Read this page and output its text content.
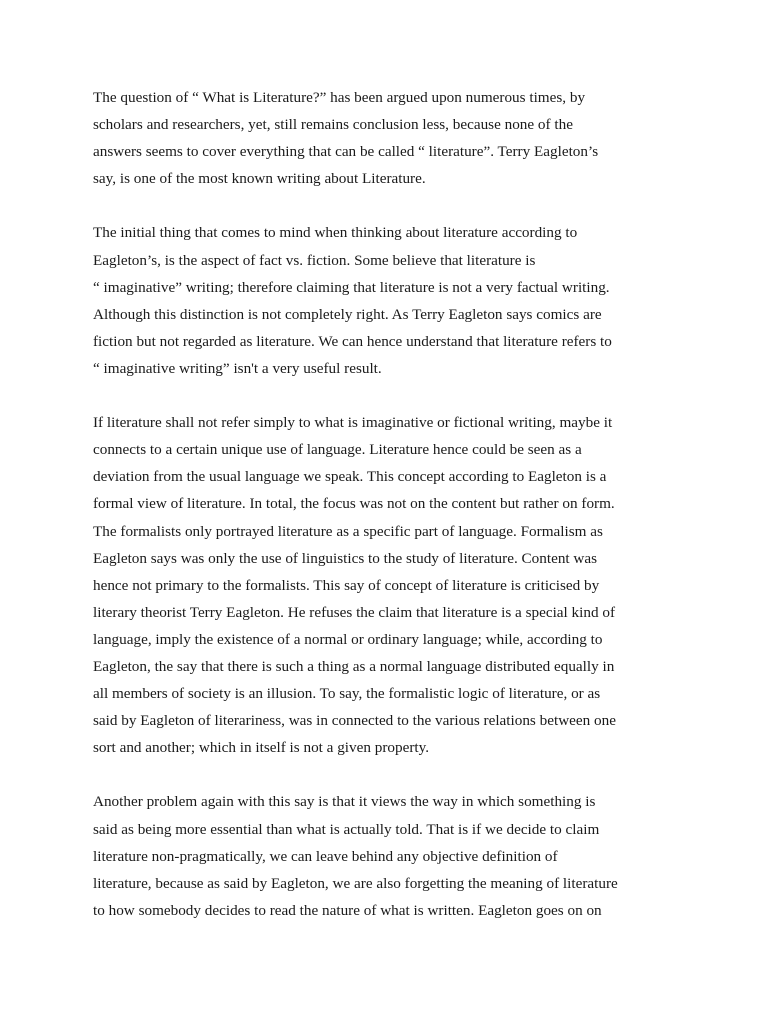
The question of “ What is Literature?” has been argued upon numerous times, by
scholars and researchers, yet, still remains conclusion less, because none of the
answers seems to cover everything that can be called “ literature”. Terry Eagleton’s
say, is one of the most known writing about Literature.

The initial thing that comes to mind when thinking about literature according to
Eagleton’s, is the aspect of fact vs. fiction. Some believe that literature is
“ imaginative” writing; therefore claiming that literature is not a very factual writing.
Although this distinction is not completely right. As Terry Eagleton says comics are
fiction but not regarded as literature. We can hence understand that literature refers to
“ imaginative writing” isn't a very useful result.

If literature shall not refer simply to what is imaginative or fictional writing, maybe it
connects to a certain unique use of language. Literature hence could be seen as a
deviation from the usual language we speak. This concept according to Eagleton is a
formal view of literature. In total, the focus was not on the content but rather on form.
The formalists only portrayed literature as a specific part of language. Formalism as
Eagleton says was only the use of linguistics to the study of literature. Content was
hence not primary to the formalists. This say of concept of literature is criticised by
literary theorist Terry Eagleton. He refuses the claim that literature is a special kind of
language, imply the existence of a normal or ordinary language; while, according to
Eagleton, the say that there is such a thing as a normal language distributed equally in
all members of society is an illusion. To say, the formalistic logic of literature, or as
said by Eagleton of literariness, was in connected to the various relations between one
sort and another; which in itself is not a given property.

Another problem again with this say is that it views the way in which something is
said as being more essential than what is actually told. That is if we decide to claim
literature non-pragmatically, we can leave behind any objective definition of
literature, because as said by Eagleton, we are also forgetting the meaning of literature
to how somebody decides to read the nature of what is written. Eagleton goes on on
